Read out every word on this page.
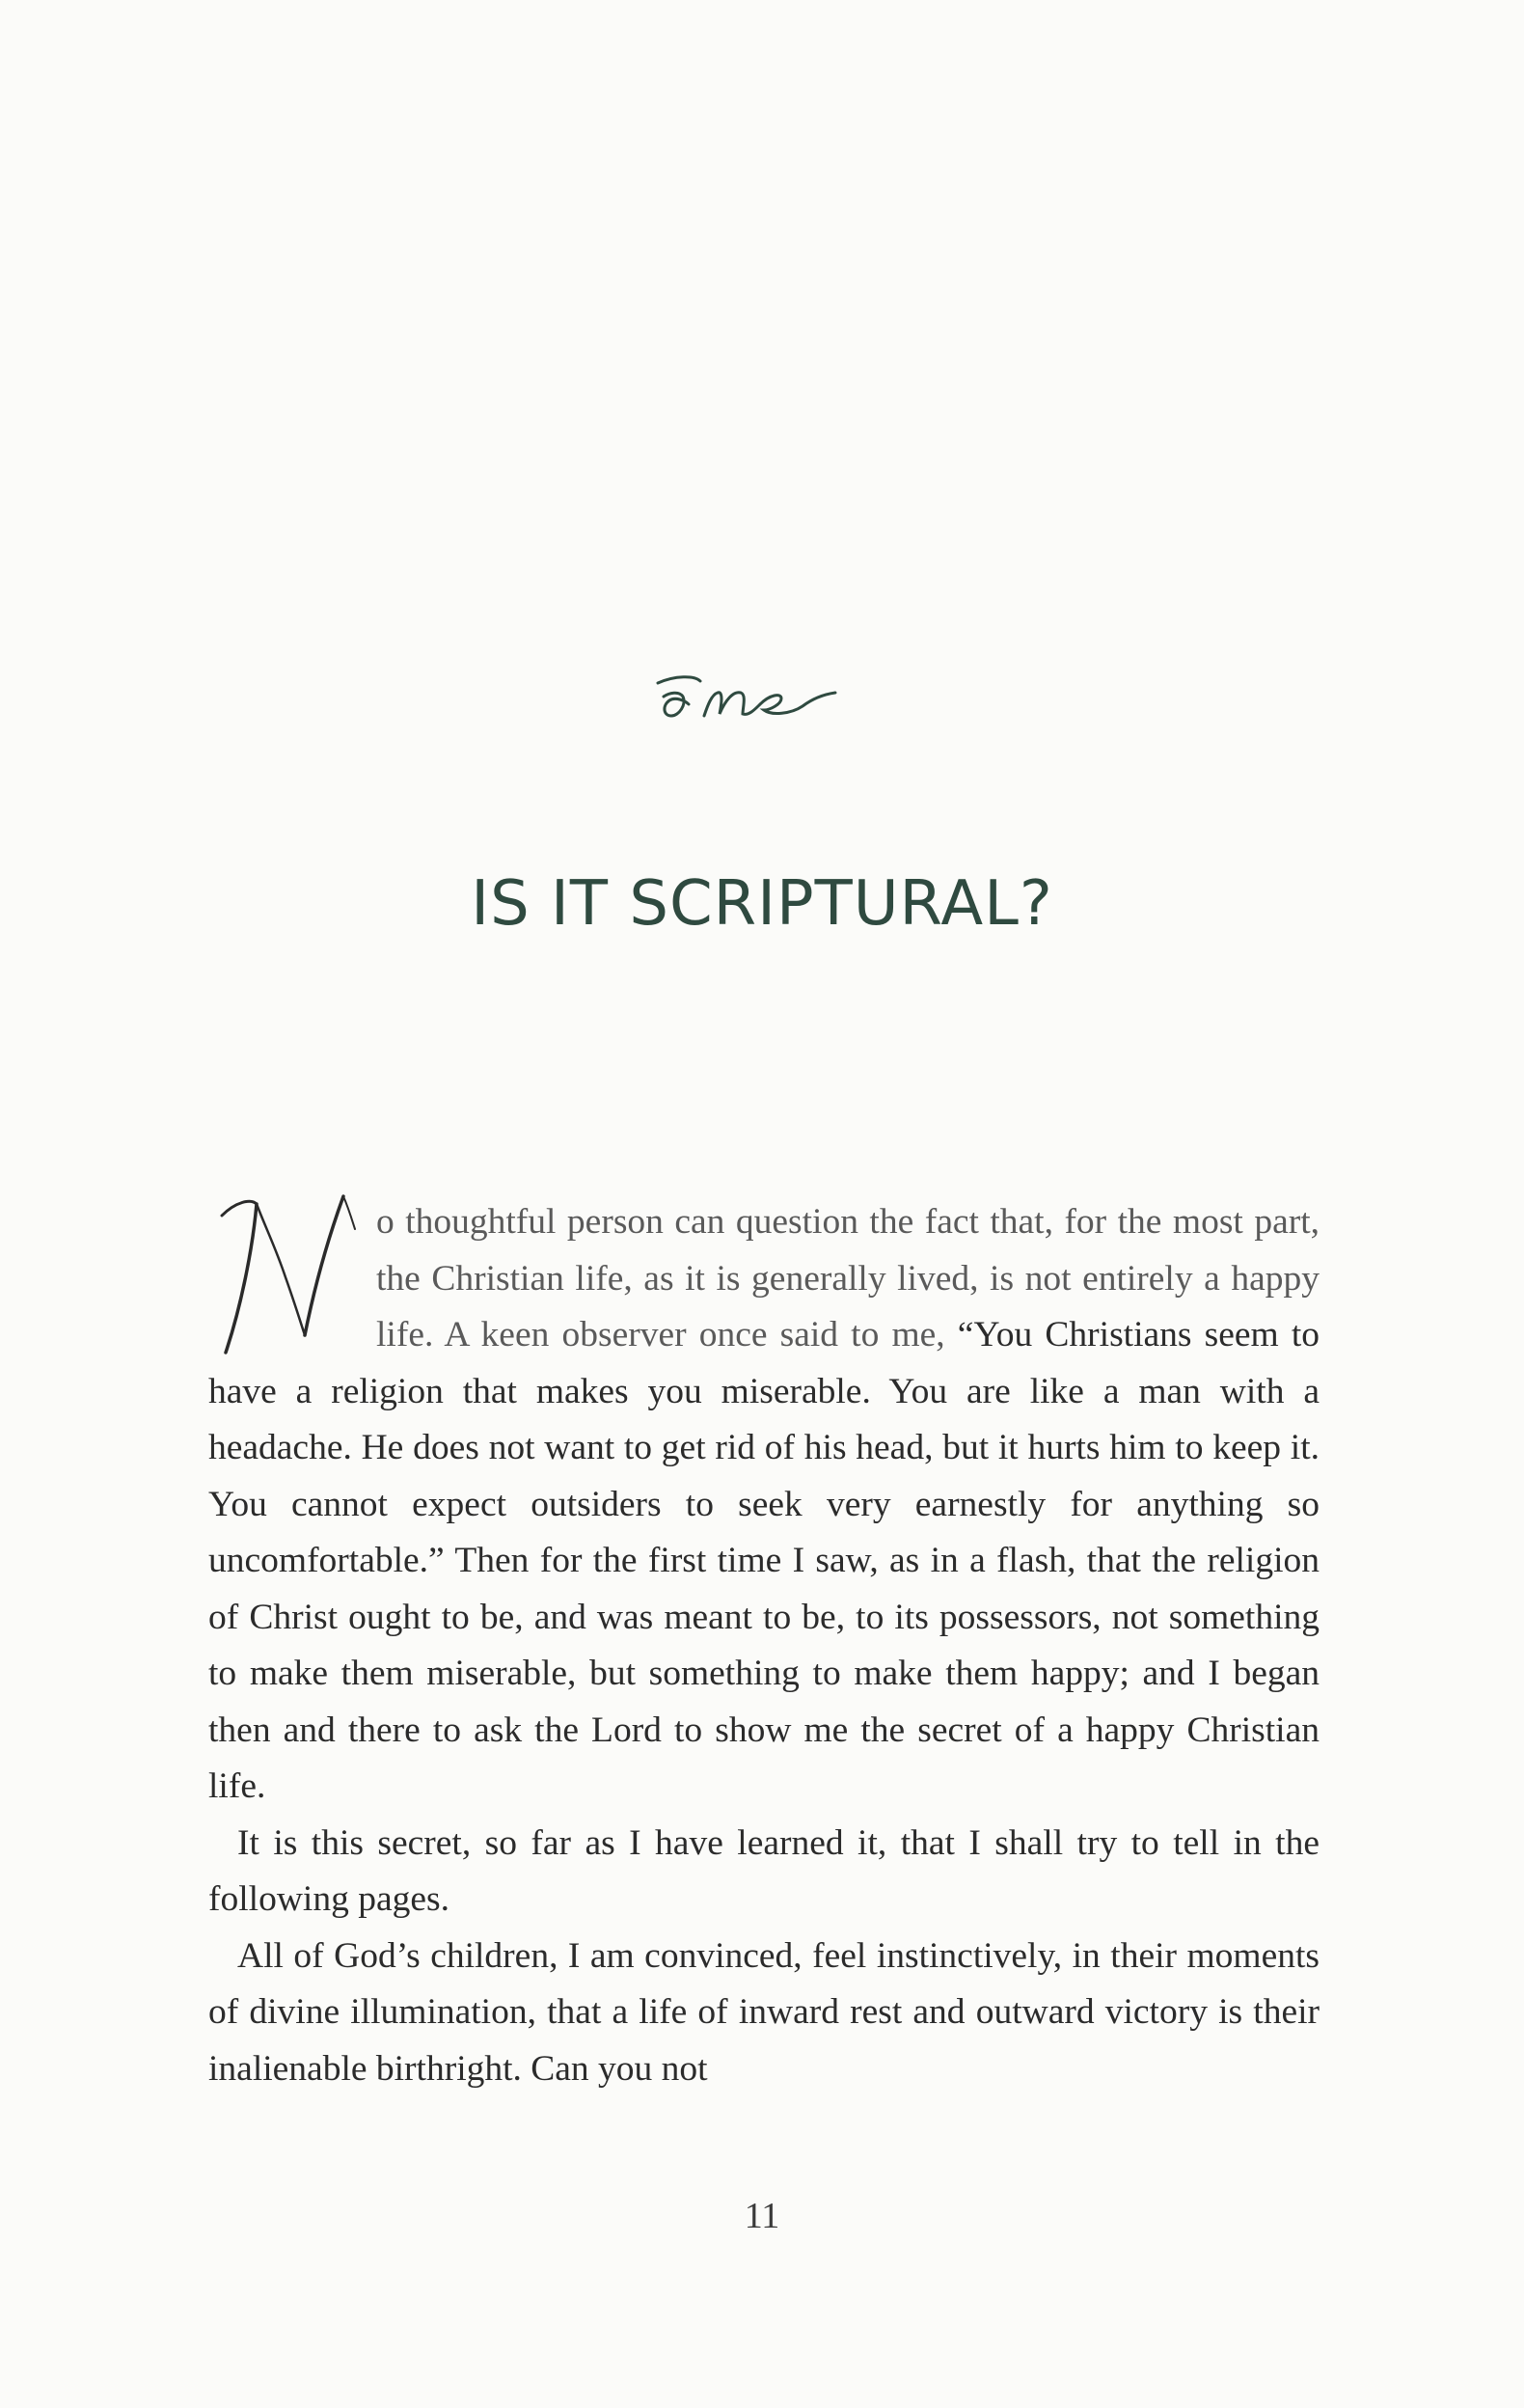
IS IT SCRIPTURAL?

o thoughtful person can question the fact that, for the most part, the Christian life, as it is generally lived, is not entirely a happy life. A keen observer once said to me, “You Christians seem to have a religion that makes you miserable. You are like a man with a headache. He does not want to get rid of his head, but it hurts him to keep it. You cannot expect outsiders to seek very earnestly for anything so uncomfortable.” Then for the first time I saw, as in a flash, that the religion of Christ ought to be, and was meant to be, to its possessors, not something to make them miserable, but something to make them happy; and I began then and there to ask the Lord to show me the secret of a happy Christian life.

It is this secret, so far as I have learned it, that I shall try to tell in the following pages.

All of God’s children, I am convinced, feel instinctively, in their moments of divine illumination, that a life of inward rest and outward victory is their inalienable birthright. Can you not

11
